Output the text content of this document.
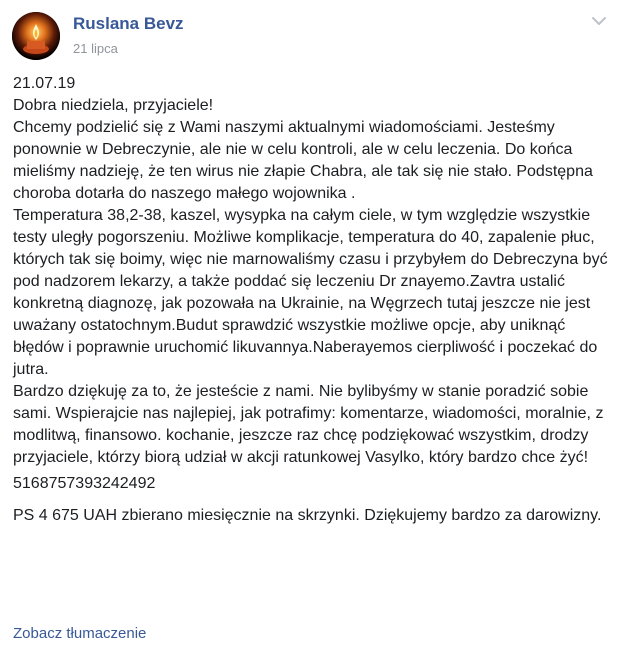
Ruslana Bevz
21 lipca

21.07.19
Dobra niedziela, przyjaciele!
Chcemy podzielić się z Wami naszymi aktualnymi wiadomościami. Jesteśmy ponownie w Debreczynie, ale nie w celu kontroli, ale w celu leczenia. Do końca mieliśmy nadzieję, że ten wirus nie złapie Chabra, ale tak się nie stało. Podstępna choroba dotarła do naszego małego wojownika .
Temperatura 38,2-38, kaszel, wysypka na całym ciele, w tym względzie wszystkie testy uległy pogorszeniu. Możliwe komplikacje, temperatura do 40, zapalenie płuc, których tak się boimy, więc nie marnowaliśmy czasu i przybyłem do Debreczyna być pod nadzorem lekarzy, a także poddać się leczeniu Dr znayemo.Zavtra ustalić konkretną diagnozę, jak pozowała na Ukrainie, na Węgrzech tutaj jeszcze nie jest uważany ostatochnym.Budut sprawdzić wszystkie możliwe opcje, aby uniknąć błędów i poprawnie uruchomić likuvannya.Naberayemos cierpliwość i poczekać do jutra.
Bardzo dziękuję za to, że jesteście z nami. Nie bylibyśmy w stanie poradzić sobie sami. Wspierajcie nas najlepiej, jak potrafimy: komentarze, wiadomości, moralnie, z modlitwą, finansowo. kochanie, jeszcze raz chcę podziękować wszystkim, drodzy przyjaciele, którzy biorą udział w akcji ratunkowej Vasylko, który bardzo chce żyć!

5168757393242492

PS 4 675 UAH zbierano miesięcznie na skrzynki. Dziękujemy bardzo za darowizny.

Zobacz tłumaczenie
